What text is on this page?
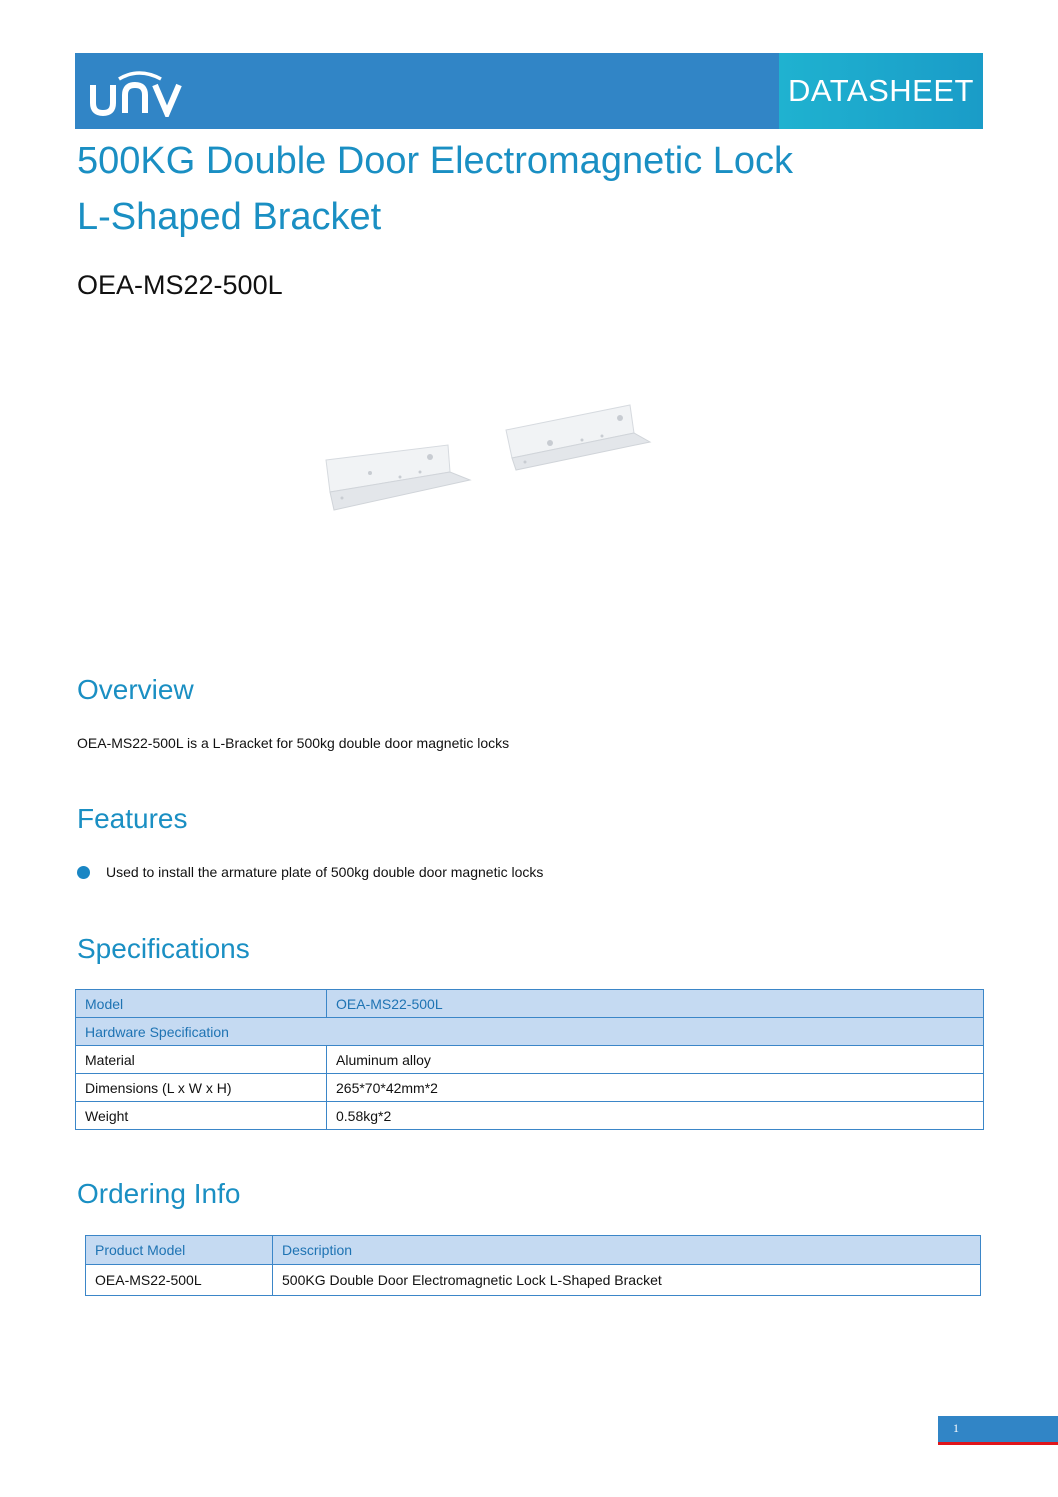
DATASHEET
500KG Double Door Electromagnetic Lock
L-Shaped Bracket
OEA-MS22-500L
Overview
OEA-MS22-500L is a L-Bracket for 500kg double door magnetic locks
Features
Used to install the armature plate of 500kg double door magnetic locks
Specifications
Model	OEA-MS22-500L
Hardware Specification	
Material	Aluminum alloy
Dimensions (L x W x H)	265*70*42mm*2
Weight	0.58kg*2
Ordering Info
Product Model	Description
OEA-MS22-500L	500KG Double Door Electromagnetic Lock L-Shaped Bracket
1
